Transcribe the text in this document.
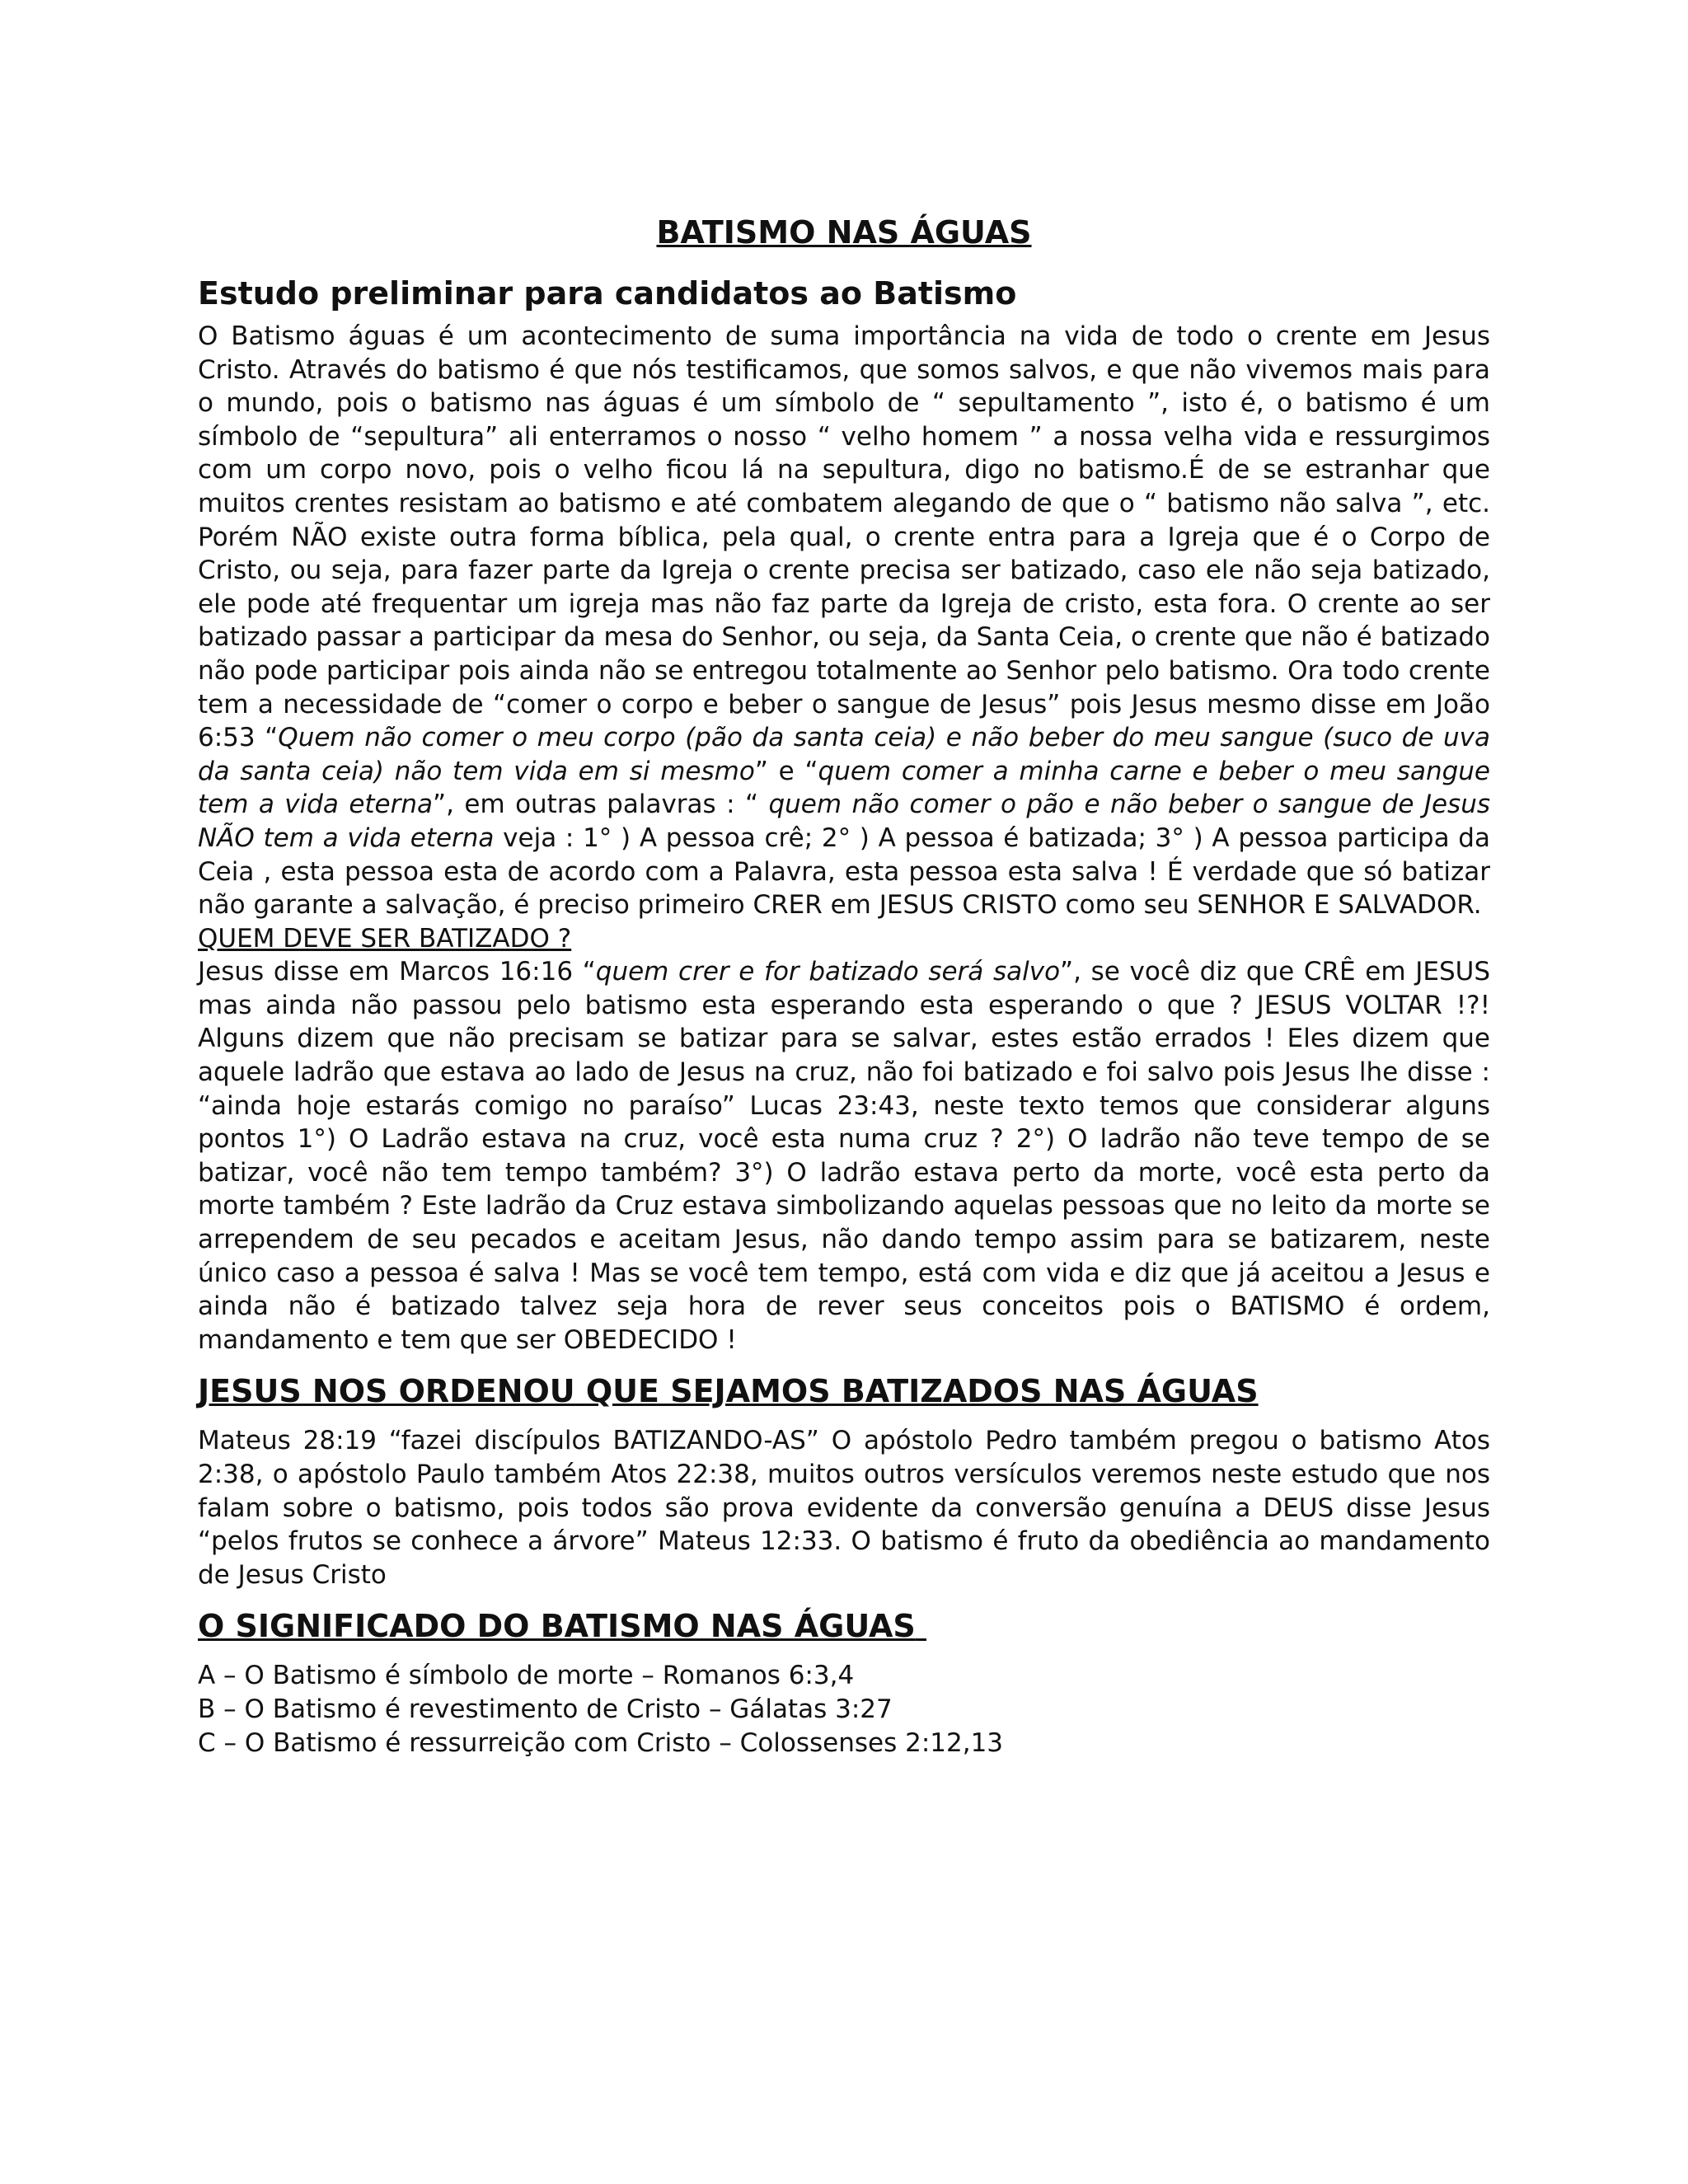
BATISMO NAS ÁGUAS
Estudo preliminar para candidatos ao Batismo

O Batismo águas é um acontecimento de suma importância na vida de todo o crente em Jesus Cristo. Através do batismo é que nós testificamos, que somos salvos, e que não vivemos mais para o mundo, pois o batismo nas águas é um símbolo de “ sepultamento ”, isto é, o batismo é um símbolo de “sepultura” ali enterramos o nosso “ velho homem ” a nossa velha vida e ressurgimos com um corpo novo, pois o velho ficou lá na sepultura, digo no batismo.É de se estranhar que muitos crentes resistam ao batismo e até combatem alegando de que o “ batismo não salva ”, etc. Porém NÃO existe outra forma bíblica, pela qual, o crente entra para a Igreja que é o Corpo de Cristo, ou seja, para fazer parte da Igreja o crente precisa ser batizado, caso ele não seja batizado, ele pode até frequentar um igreja mas não faz parte da Igreja de cristo, esta fora. O crente ao ser batizado passar a participar da mesa do Senhor, ou seja, da Santa Ceia, o crente que não é batizado não pode participar pois ainda não se entregou totalmente ao Senhor pelo batismo. Ora todo crente tem a necessidade de “comer o corpo e beber o sangue de Jesus” pois Jesus mesmo disse em João 6:53 “Quem não comer o meu corpo (pão da santa ceia) e não beber do meu sangue (suco de uva da santa ceia) não tem vida em si mesmo” e “quem comer a minha carne e beber o meu sangue tem a vida eterna”, em outras palavras : “ quem não comer o pão e não beber o sangue de Jesus NÃO tem a vida eterna veja : 1° ) A pessoa crê; 2° ) A pessoa é batizada; 3° ) A pessoa participa da Ceia , esta pessoa esta de acordo com a Palavra, esta pessoa esta salva ! É verdade que só batizar não garante a salvação, é preciso primeiro CRER em JESUS CRISTO como seu SENHOR E SALVADOR.

QUEM DEVE SER BATIZADO ?

Jesus disse em Marcos 16:16 “quem crer e for batizado será salvo”, se você diz que CRÊ em JESUS mas ainda não passou pelo batismo esta esperando esta esperando o que ? JESUS VOLTAR !?! Alguns dizem que não precisam se batizar para se salvar, estes estão errados ! Eles dizem que aquele ladrão que estava ao lado de Jesus na cruz, não foi batizado e foi salvo pois Jesus lhe disse : “ainda hoje estarás comigo no paraíso” Lucas 23:43, neste texto temos que considerar alguns pontos 1°) O Ladrão estava na cruz, você esta numa cruz ? 2°) O ladrão não teve tempo de se batizar, você não tem tempo também? 3°) O ladrão estava perto da morte, você esta perto da morte também ? Este ladrão da Cruz estava simbolizando aquelas pessoas que no leito da morte se arrependem de seu pecados e aceitam Jesus, não dando tempo assim para se batizarem, neste único caso a pessoa é salva ! Mas se você tem tempo, está com vida e diz que já aceitou a Jesus e ainda não é batizado talvez seja hora de rever seus conceitos pois o BATISMO é ordem, mandamento e tem que ser OBEDECIDO !

JESUS NOS ORDENOU QUE SEJAMOS BATIZADOS NAS ÁGUAS

Mateus 28:19 “fazei discípulos BATIZANDO-AS” O apóstolo Pedro também pregou o batismo Atos 2:38, o apóstolo Paulo também Atos 22:38, muitos outros versículos veremos neste estudo que nos falam sobre o batismo, pois todos são prova evidente da conversão genuína a DEUS disse Jesus “pelos frutos se conhece a árvore” Mateus 12:33. O batismo é fruto da obediência ao mandamento de Jesus Cristo

O SIGNIFICADO DO BATISMO NAS ÁGUAS
A – O Batismo é símbolo de morte – Romanos 6:3,4
B – O Batismo é revestimento de Cristo – Gálatas 3:27
C – O Batismo é ressurreição com Cristo – Colossenses 2:12,13
